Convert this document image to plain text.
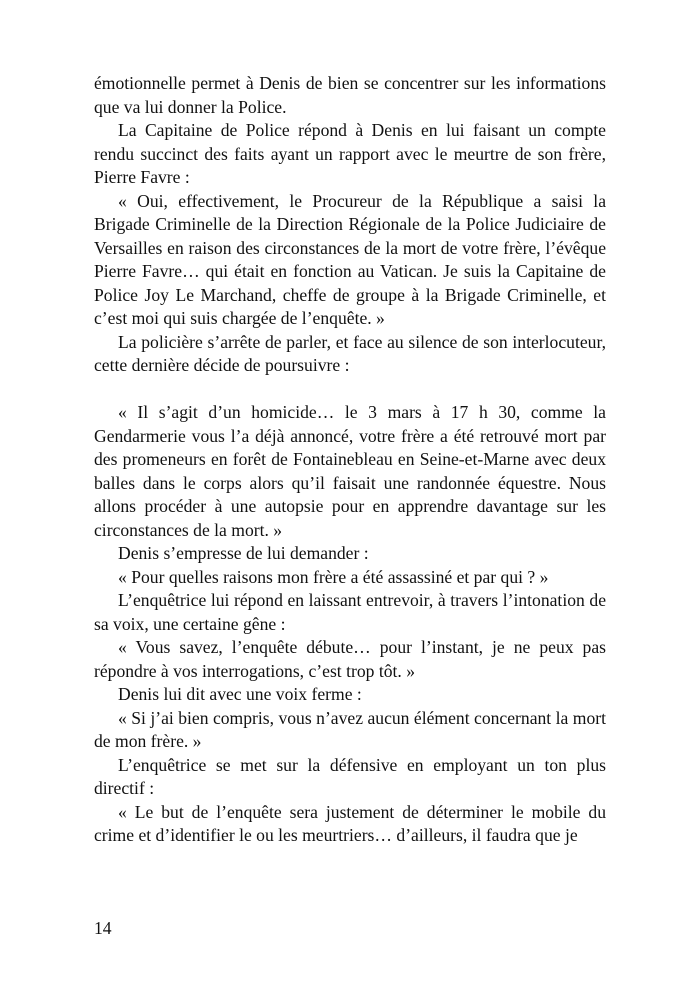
émotionnelle permet à Denis de bien se concentrer sur les informations que va lui donner la Police.

La Capitaine de Police répond à Denis en lui faisant un compte rendu succinct des faits ayant un rapport avec le meurtre de son frère, Pierre Favre :

« Oui, effectivement, le Procureur de la République a saisi la Brigade Criminelle de la Direction Régionale de la Police Judiciaire de Versailles en raison des circonstances de la mort de votre frère, l’évêque Pierre Favre… qui était en fonction au Vatican. Je suis la Capitaine de Police Joy Le Marchand, cheffe de groupe à la Brigade Criminelle, et c’est moi qui suis chargée de l’enquête. »

La policière s’arrête de parler, et face au silence de son interlocuteur, cette dernière décide de poursuivre :

« Il s’agit d’un homicide… le 3 mars à 17 h 30, comme la Gendarmerie vous l’a déjà annoncé, votre frère a été retrouvé mort par des promeneurs en forêt de Fontainebleau en Seine-et-Marne avec deux balles dans le corps alors qu’il faisait une randonnée équestre. Nous allons procéder à une autopsie pour en apprendre davantage sur les circonstances de la mort. »

Denis s’empresse de lui demander :

« Pour quelles raisons mon frère a été assassiné et par qui ? »

L’enquêtrice lui répond en laissant entrevoir, à travers l’intonation de sa voix, une certaine gêne :

« Vous savez, l’enquête débute… pour l’instant, je ne peux pas répondre à vos interrogations, c’est trop tôt. »

Denis lui dit avec une voix ferme :

« Si j’ai bien compris, vous n’avez aucun élément concernant la mort de mon frère. »

L’enquêtrice se met sur la défensive en employant un ton plus directif :

« Le but de l’enquête sera justement de déterminer le mobile du crime et d’identifier le ou les meurtriers… d’ailleurs, il faudra que je

14
